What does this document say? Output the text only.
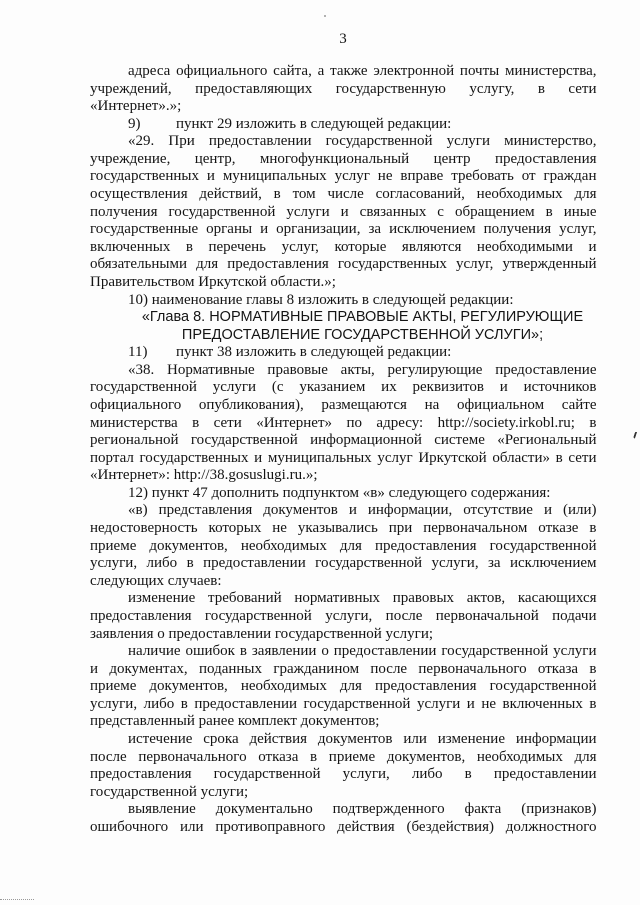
3
адреса официального сайта, а также электронной почты министерства,
учреждений, предоставляющих государственную услугу, в сети
«Интернет».»;
9) пункт 29 изложить в следующей редакции:
«29. При предоставлении государственной услуги министерство,
учреждение, центр, многофункциональный центр предоставления
государственных и муниципальных услуг не вправе требовать от граждан
осуществления действий, в том числе согласований, необходимых для
получения государственной услуги и связанных с обращением в иные
государственные органы и организации, за исключением получения услуг,
включенных в перечень услуг, которые являются необходимыми и
обязательными для предоставления государственных услуг, утвержденный
Правительством Иркутской области.»;
10) наименование главы 8 изложить в следующей редакции:
«Глава 8. НОРМАТИВНЫЕ ПРАВОВЫЕ АКТЫ, РЕГУЛИРУЮЩИЕ
ПРЕДОСТАВЛЕНИЕ ГОСУДАРСТВЕННОЙ УСЛУГИ»;
11) пункт 38 изложить в следующей редакции:
«38. Нормативные правовые акты, регулирующие предоставление
государственной услуги (с указанием их реквизитов и источников
официального опубликования), размещаются на официальном сайте
министерства в сети «Интернет» по адресу: http://society.irkobl.ru; в
региональной государственной информационной системе «Региональный
портал государственных и муниципальных услуг Иркутской области» в сети
«Интернет»: http://38.gosuslugi.ru.»;
12) пункт 47 дополнить подпунктом «в» следующего содержания:
«в) представления документов и информации, отсутствие и (или)
недостоверность которых не указывались при первоначальном отказе в
приеме документов, необходимых для предоставления государственной
услуги, либо в предоставлении государственной услуги, за исключением
следующих случаев:
изменение требований нормативных правовых актов, касающихся
предоставления государственной услуги, после первоначальной подачи
заявления о предоставлении государственной услуги;
наличие ошибок в заявлении о предоставлении государственной услуги
и документах, поданных гражданином после первоначального отказа в
приеме документов, необходимых для предоставления государственной
услуги, либо в предоставлении государственной услуги и не включенных в
представленный ранее комплект документов;
истечение срока действия документов или изменение информации
после первоначального отказа в приеме документов, необходимых для
предоставления государственной услуги, либо в предоставлении
государственной услуги;
выявление документально подтвержденного факта (признаков)
ошибочного или противоправного действия (бездействия) должностного
